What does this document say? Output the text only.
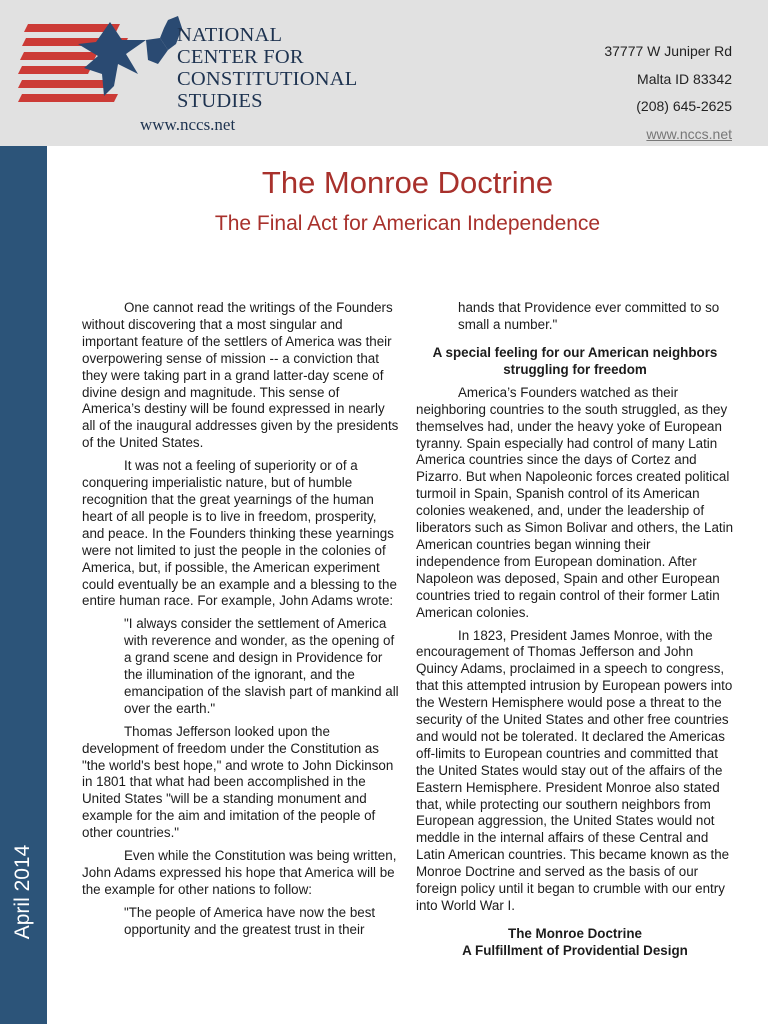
NATIONAL
CENTER FOR
CONSTITUTIONAL
STUDIES
www.nccs.net
37777 W Juniper Rd
Malta ID 83342
(208) 645-2625
www.nccs.net
April 2014
The Monroe Doctrine
The Final Act for American Independence

One cannot read the writings of the Founders without discovering that a most singular and important feature of the settlers of America was their overpowering sense of mission -- a conviction that they were taking part in a grand latter-day scene of divine design and magnitude. This sense of America’s destiny will be found expressed in nearly all of the inaugural addresses given by the presidents of the United States.

It was not a feeling of superiority or of a conquering imperialistic nature, but of humble recognition that the great yearnings of the human heart of all people is to live in freedom, prosperity, and peace. In the Founders thinking these yearnings were not limited to just the people in the colonies of America, but, if possible, the American experiment could eventually be an example and a blessing to the entire human race. For example, John Adams wrote:

"I always consider the settlement of America with reverence and wonder, as the opening of a grand scene and design in Providence for the illumination of the ignorant, and the emancipation of the slavish part of mankind all over the earth."

Thomas Jefferson looked upon the development of freedom under the Constitution as "the world's best hope," and wrote to John Dickinson in 1801 that what had been accomplished in the United States "will be a standing monument and example for the aim and imitation of the people of other countries."

Even while the Constitution was being written, John Adams expressed his hope that America will be the example for other nations to follow:

"The people of America have now the best opportunity and the greatest trust in their
hands that Providence ever committed to so small a number."
A special feeling for our American neighbors struggling for freedom

America’s Founders watched as their neighboring countries to the south struggled, as they themselves had, under the heavy yoke of European tyranny. Spain especially had control of many Latin America countries since the days of Cortez and Pizarro. But when Napoleonic forces created political turmoil in Spain, Spanish control of its American colonies weakened, and, under the leadership of liberators such as Simon Bolivar and others, the Latin American countries began winning their independence from European domination. After Napoleon was deposed, Spain and other European countries tried to regain control of their former Latin American colonies.

In 1823, President James Monroe, with the encouragement of Thomas Jefferson and John Quincy Adams, proclaimed in a speech to congress, that this attempted intrusion by European powers into the Western Hemisphere would pose a threat to the security of the United States and other free countries and would not be tolerated. It declared the Americas off-limits to European countries and committed that the United States would stay out of the affairs of the Eastern Hemisphere. President Monroe also stated that, while protecting our southern neighbors from European aggression, the United States would not meddle in the internal affairs of these Central and Latin American countries. This became known as the Monroe Doctrine and served as the basis of our foreign policy until it began to crumble with our entry into World War I.

The Monroe Doctrine
A Fulfillment of Providential Design
